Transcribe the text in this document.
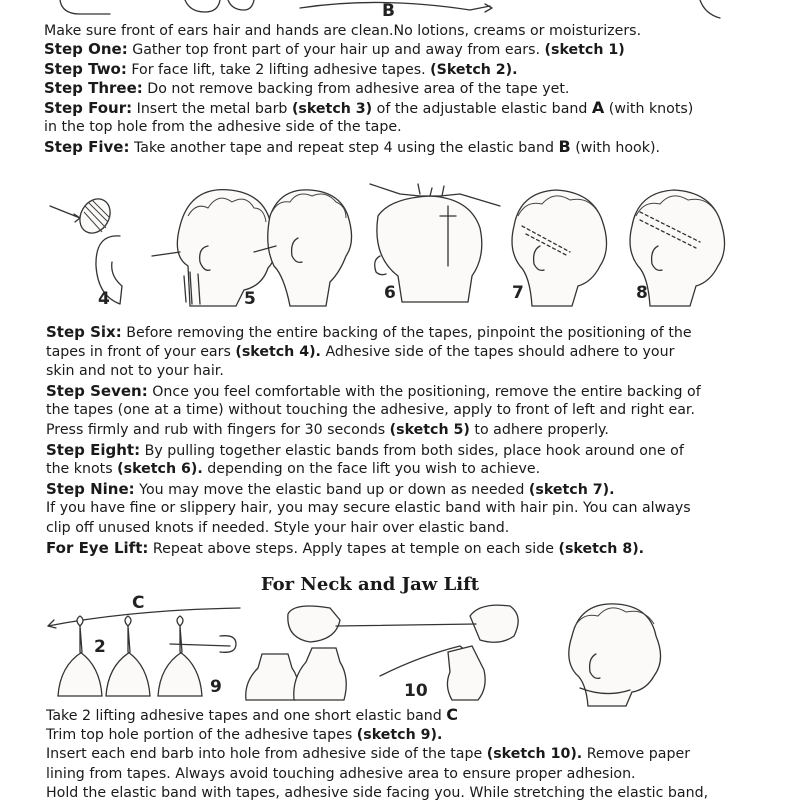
B
Make sure front of ears hair and hands are clean.No lotions, creams or moisturizers.
Step One: Gather top front part of your hair up and away from ears. (sketch 1)
Step Two: For face lift, take 2 lifting adhesive tapes. (Sketch 2).
Step Three: Do not remove backing from adhesive area of the tape yet.
Step Four: Insert the metal barb (sketch 3) of the adjustable elastic band A (with knots)
in the top hole from the adhesive side of the tape.
Step Five: Take another tape and repeat step 4 using the elastic band B (with hook).
4	5	6	7	8
Step Six: Before removing the entire backing of the tapes, pinpoint the positioning of the
tapes in front of your ears (sketch 4). Adhesive side of the tapes should adhere to your
skin and not to your hair.
Step Seven: Once you feel comfortable with the positioning, remove the entire backing of
the tapes (one at a time) without touching the adhesive, apply to front of left and right ear.
Press firmly and rub with fingers for 30 seconds (sketch 5) to adhere properly.
Step Eight: By pulling together elastic bands from both sides, place hook around one of
the knots (sketch 6). depending on the face lift you wish to achieve.
Step Nine: You may move the elastic band up or down as needed (sketch 7).
If you have fine or slippery hair, you may secure elastic band with hair pin. You can always
clip off unused knots if needed. Style your hair over elastic band.
For Eye Lift: Repeat above steps. Apply tapes at temple on each side (sketch 8).
For Neck and Jaw Lift
C
2
9	10
Take 2 lifting adhesive tapes and one short elastic band C
Trim top hole portion of the adhesive tapes (sketch 9).
Insert each end barb into hole from adhesive side of the tape (sketch 10). Remove paper
lining from tapes. Always avoid touching adhesive area to ensure proper adhesion.
Hold the elastic band with tapes, adhesive side facing you. While stretching the elastic band,
